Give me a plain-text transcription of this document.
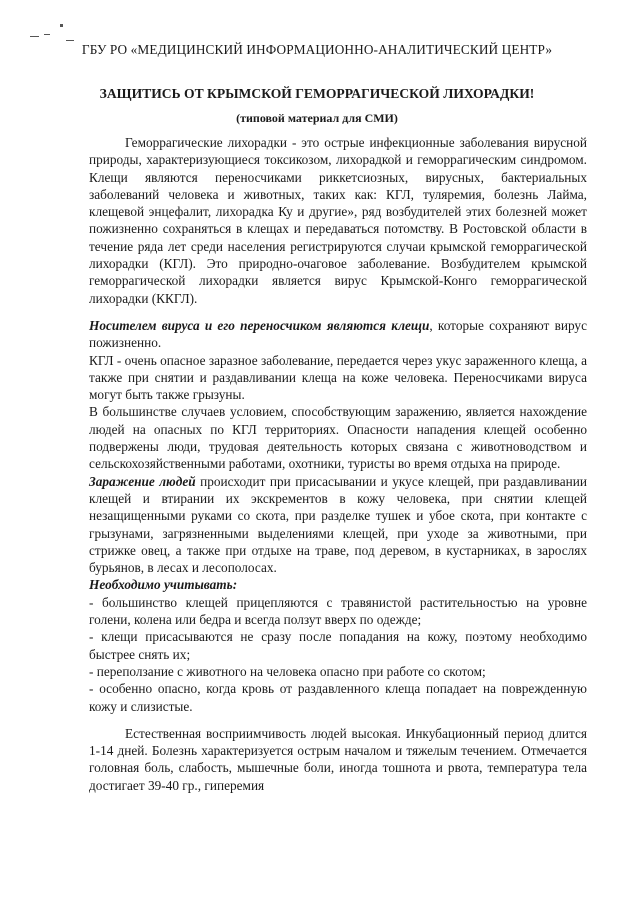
ГБУ РО «МЕДИЦИНСКИЙ ИНФОРМАЦИОННО-АНАЛИТИЧЕСКИЙ ЦЕНТР»
ЗАЩИТИСЬ ОТ КРЫМСКОЙ ГЕМОРРАГИЧЕСКОЙ ЛИХОРАДКИ!
(типовой материал для СМИ)

Геморрагические лихорадки - это острые инфекционные заболевания вирусной природы, характеризующиеся токсикозом, лихорадкой и геморрагическим синдромом. Клещи являются переносчиками риккетсиозных, вирусных, бактериальных заболеваний человека и животных, таких как: КГЛ, туляремия, болезнь Лайма, клещевой энцефалит, лихорадка Ку и другие», ряд возбудителей этих болезней может пожизненно сохраняться в клещах и передаваться потомству. В Ростовской области в течение ряда лет среди населения регистрируются случаи крымской геморрагической лихорадки (КГЛ). Это природно-очаговое заболевание. Возбудителем крымской геморрагической лихорадки является вирус Крымской-Конго геморрагической лихорадки (ККГЛ).

Носителем вируса и его переносчиком являются клещи, которые сохраняют вирус пожизненно.

КГЛ - очень опасное заразное заболевание, передается через укус зараженного клеща, а также при снятии и раздавливании клеща на коже человека. Переносчиками вируса могут быть также грызуны.

В большинстве случаев условием, способствующим заражению, является нахождение людей на опасных по КГЛ территориях. Опасности нападения клещей особенно подвержены люди, трудовая деятельность которых связана с животноводством и сельскохозяйственными работами, охотники, туристы во время отдыха на природе.

Заражение людей происходит при присасывании и укусе клещей, при раздавливании клещей и втирании их экскрементов в кожу человека, при снятии клещей незащищенными руками со скота, при разделке тушек и убое скота, при контакте с грызунами, загрязненными выделениями клещей, при уходе за животными, при стрижке овец, а также при отдыхе на траве, под деревом, в кустарниках, в зарослях бурьянов, в лесах и лесополосах.

Необходимо учитывать:

- большинство клещей прицепляются с травянистой растительностью на уровне голени, колена или бедра и всегда ползут вверх по одежде;

- клещи присасываются не сразу после попадания на кожу, поэтому необходимо быстрее снять их;

- переползание с животного на человека опасно при работе со скотом;

- особенно опасно, когда кровь от раздавленного клеща попадает на поврежденную кожу и слизистые.

Естественная восприимчивость людей высокая. Инкубационный период длится 1-14 дней. Болезнь характеризуется острым началом и тяжелым течением. Отмечается головная боль, слабость, мышечные боли, иногда тошнота и рвота, температура тела достигает 39-40 гр., гиперемия
